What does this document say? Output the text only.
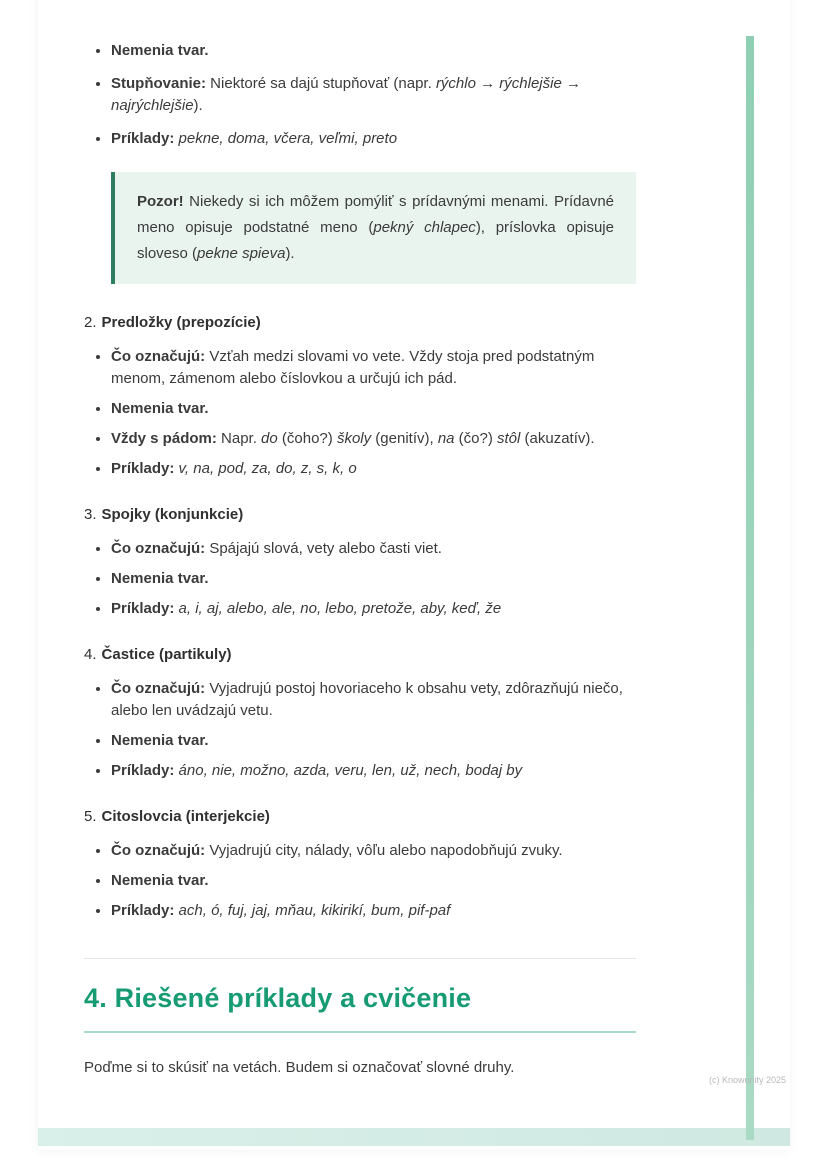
• Nemenia tvar.
• Stupňovanie: Niektoré sa dajú stupňovať (napr. rýchlo → rýchlejšie → najrýchlejšie).
• Príklady: pekne, doma, včera, veľmi, preto

Pozor! Niekedy si ich môžem pomýliť s prídavnými menami. Prídavné meno opisuje podstatné meno (pekný chlapec), príslovka opisuje sloveso (pekne spieva).

2. Predložky (prepozície)
• Čo označujú: Vzťah medzi slovami vo vete. Vždy stoja pred podstatným menom, zámenom alebo číslovkou a určujú ich pád.
• Nemenia tvar.
• Vždy s pádom: Napr. do (čoho?) školy (genitív), na (čo?) stôl (akuzatív).
• Príklady: v, na, pod, za, do, z, s, k, o
3. Spojky (konjunkcie)
• Čo označujú: Spájajú slová, vety alebo časti viet.
• Nemenia tvar.
• Príklady: a, i, aj, alebo, ale, no, lebo, pretože, aby, keď, že
4. Častice (partikuly)
• Čo označujú: Vyjadrujú postoj hovoriaceho k obsahu vety, zdôrazňujú niečo, alebo len uvádzajú vetu.
• Nemenia tvar.
• Príklady: áno, nie, možno, azda, veru, len, už, nech, bodaj by
5. Citoslovcia (interjekcie)
• Čo označujú: Vyjadrujú city, nálady, vôľu alebo napodobňujú zvuky.
• Nemenia tvar.
• Príklady: ach, ó, fuj, jaj, mňau, kikirikí, bum, pif-paf
4. Riešené príklady a cvičenie

Poďme si to skúsiť na vetách. Budem si označovať slovné druhy.

(c) Knowunity 2025
